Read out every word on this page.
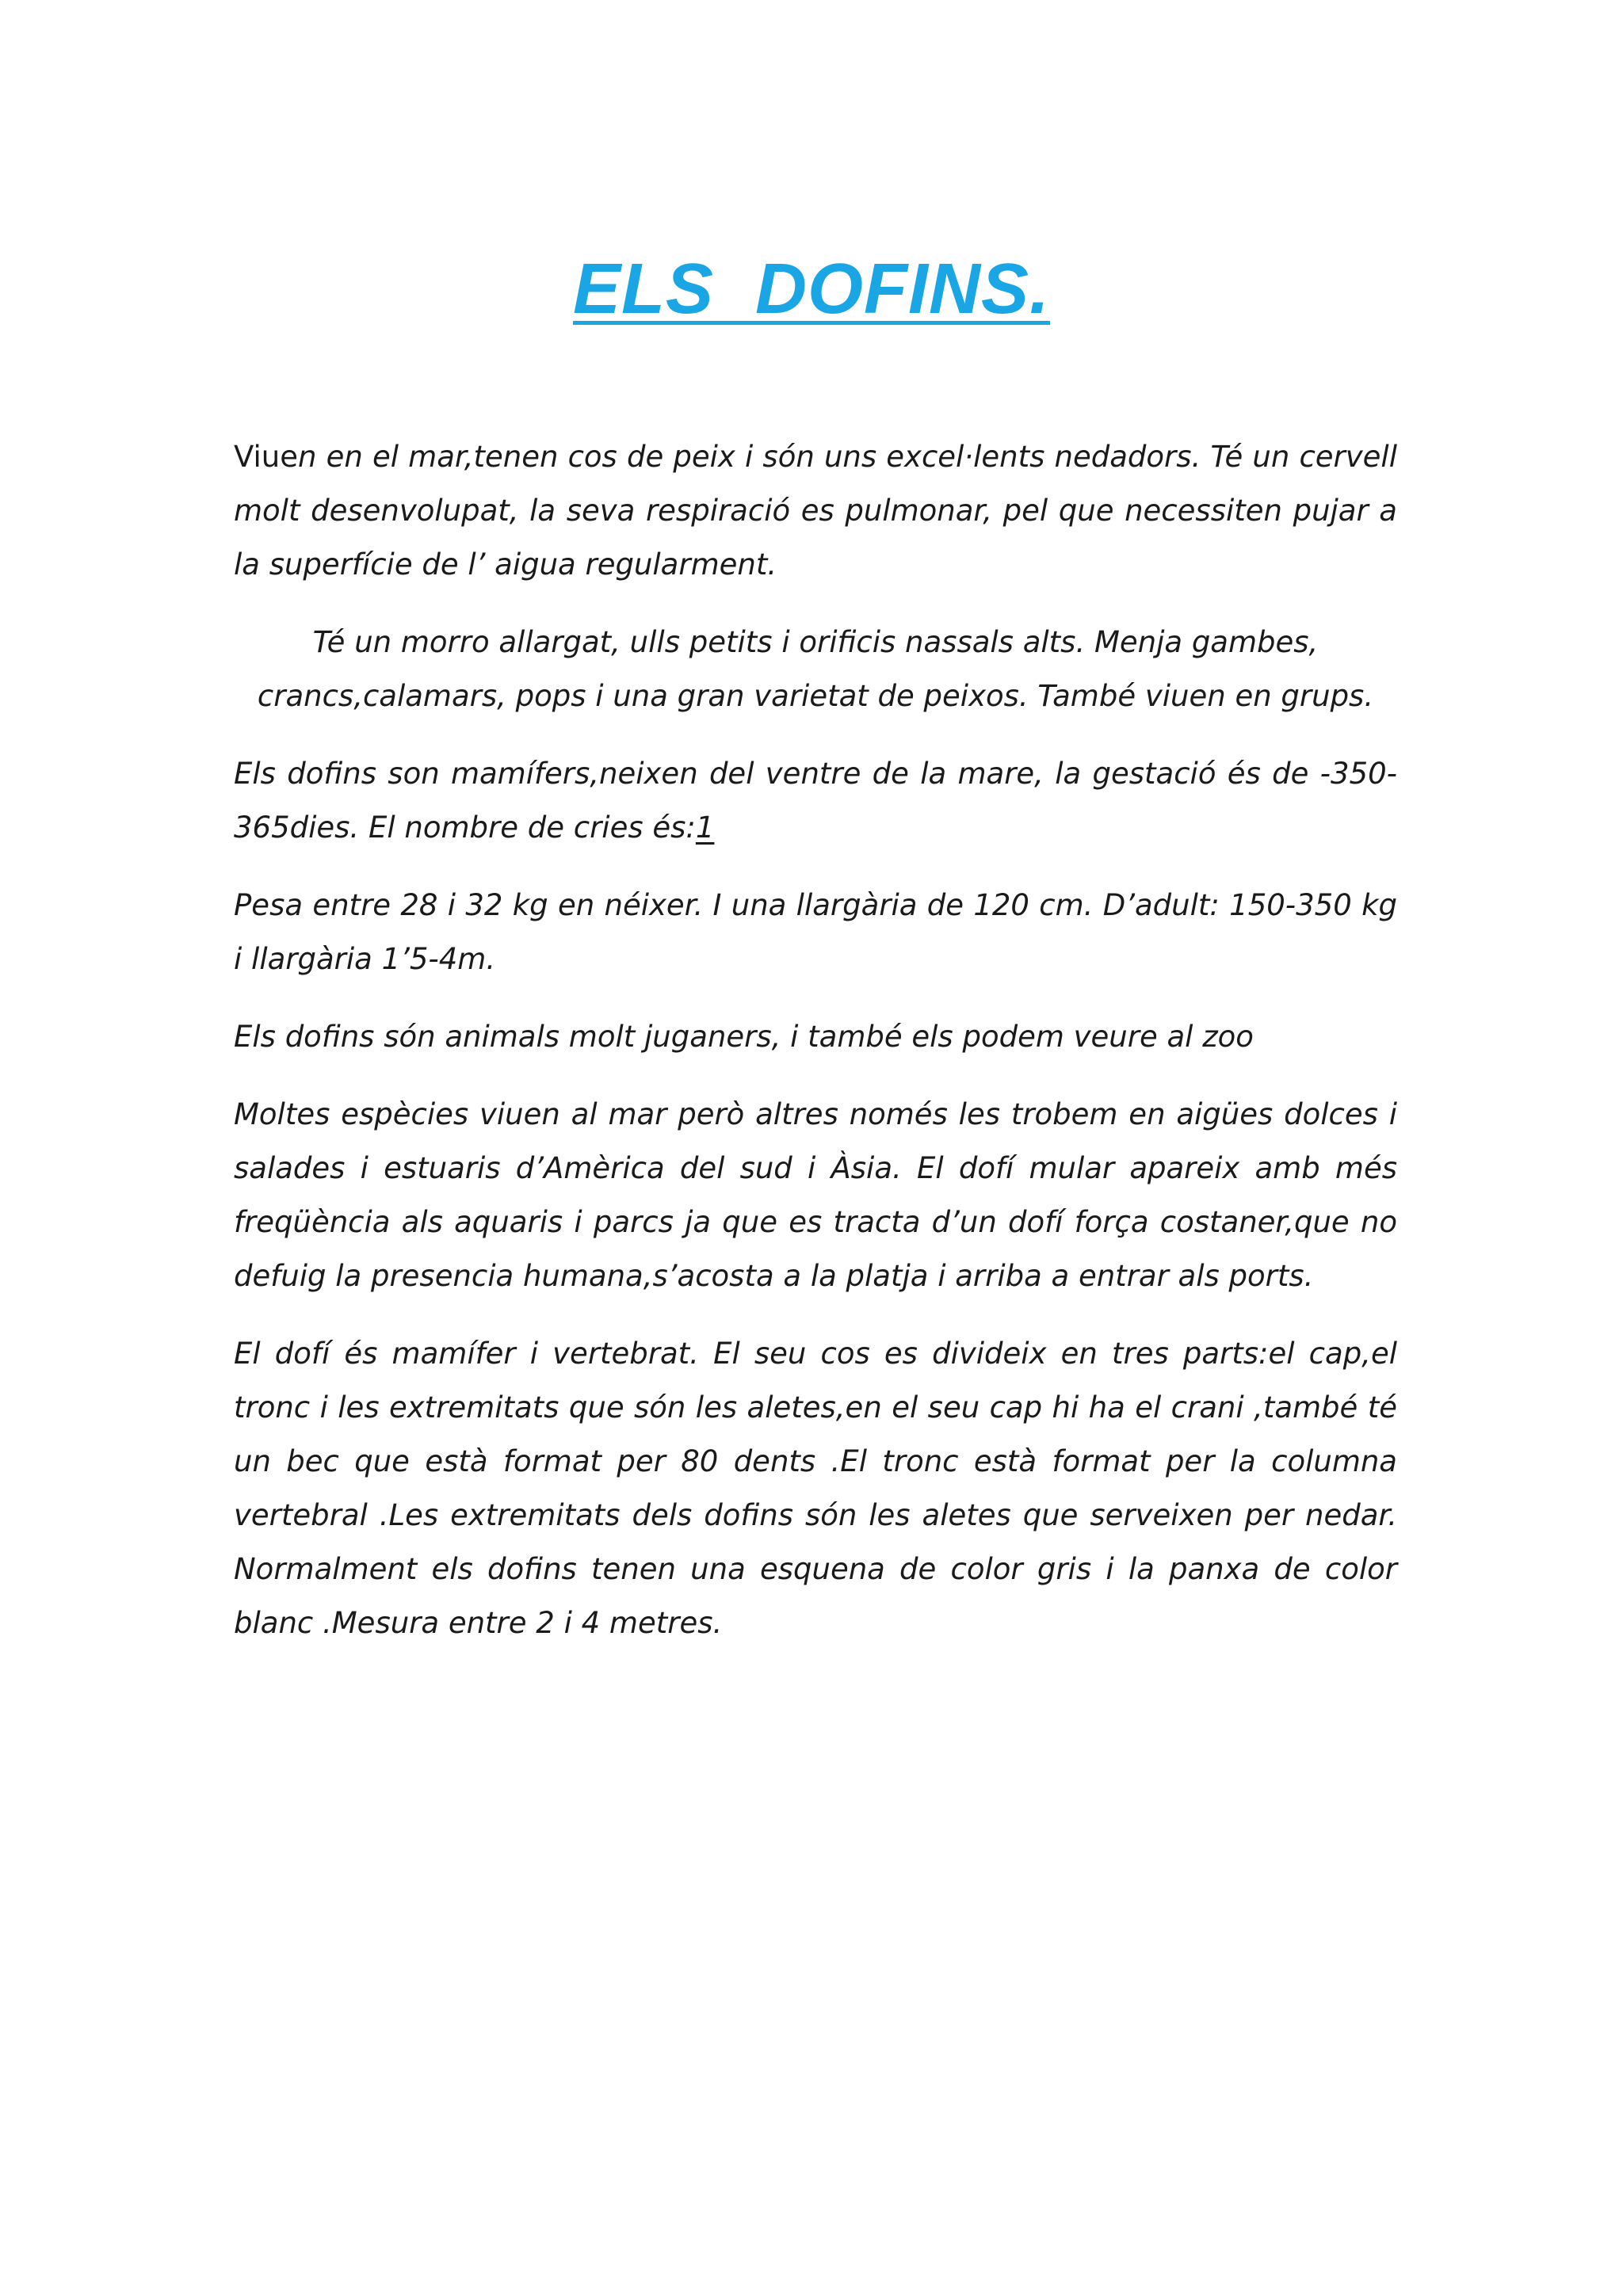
ELS  DOFINS.

Viuen en el mar,tenen cos de peix i són uns excel·lents nedadors. Té un cervell molt desenvolupat, la seva respiració es pulmonar, pel que necessiten pujar a la superfície de l’ aigua regularment.

Té un morro allargat, ulls petits i orificis nassals alts. Menja gambes, crancs,calamars, pops i una gran varietat de peixos. També viuen en grups.

Els dofins son mamífers,neixen del ventre de la mare, la gestació és de -350-365dies. El nombre de cries és:1

Pesa entre 28 i 32 kg en néixer. I una llargària de 120 cm. D’adult: 150-350 kg i llargària 1’5-4m.

Els dofins són animals molt juganers, i també els podem veure al zoo

Moltes espècies viuen al mar però altres només les trobem en aigües dolces i salades i estuaris d’Amèrica del sud i Àsia. El dofí mular apareix amb més freqüència als aquaris i parcs ja que es tracta d’un dofí força costaner,que no defuig la presencia humana,s’acosta a la platja i arriba a entrar als ports.

El dofí és mamífer i vertebrat. El seu cos es divideix en tres parts:el cap,el tronc i les extremitats que són les aletes,en el seu cap hi ha el crani ,també té un bec que està format per 80 dents .El tronc està format per la columna vertebral .Les extremitats dels dofins són les aletes que serveixen per nedar. Normalment els dofins tenen una esquena de color gris i la panxa de color blanc .Mesura entre 2 i 4 metres.
